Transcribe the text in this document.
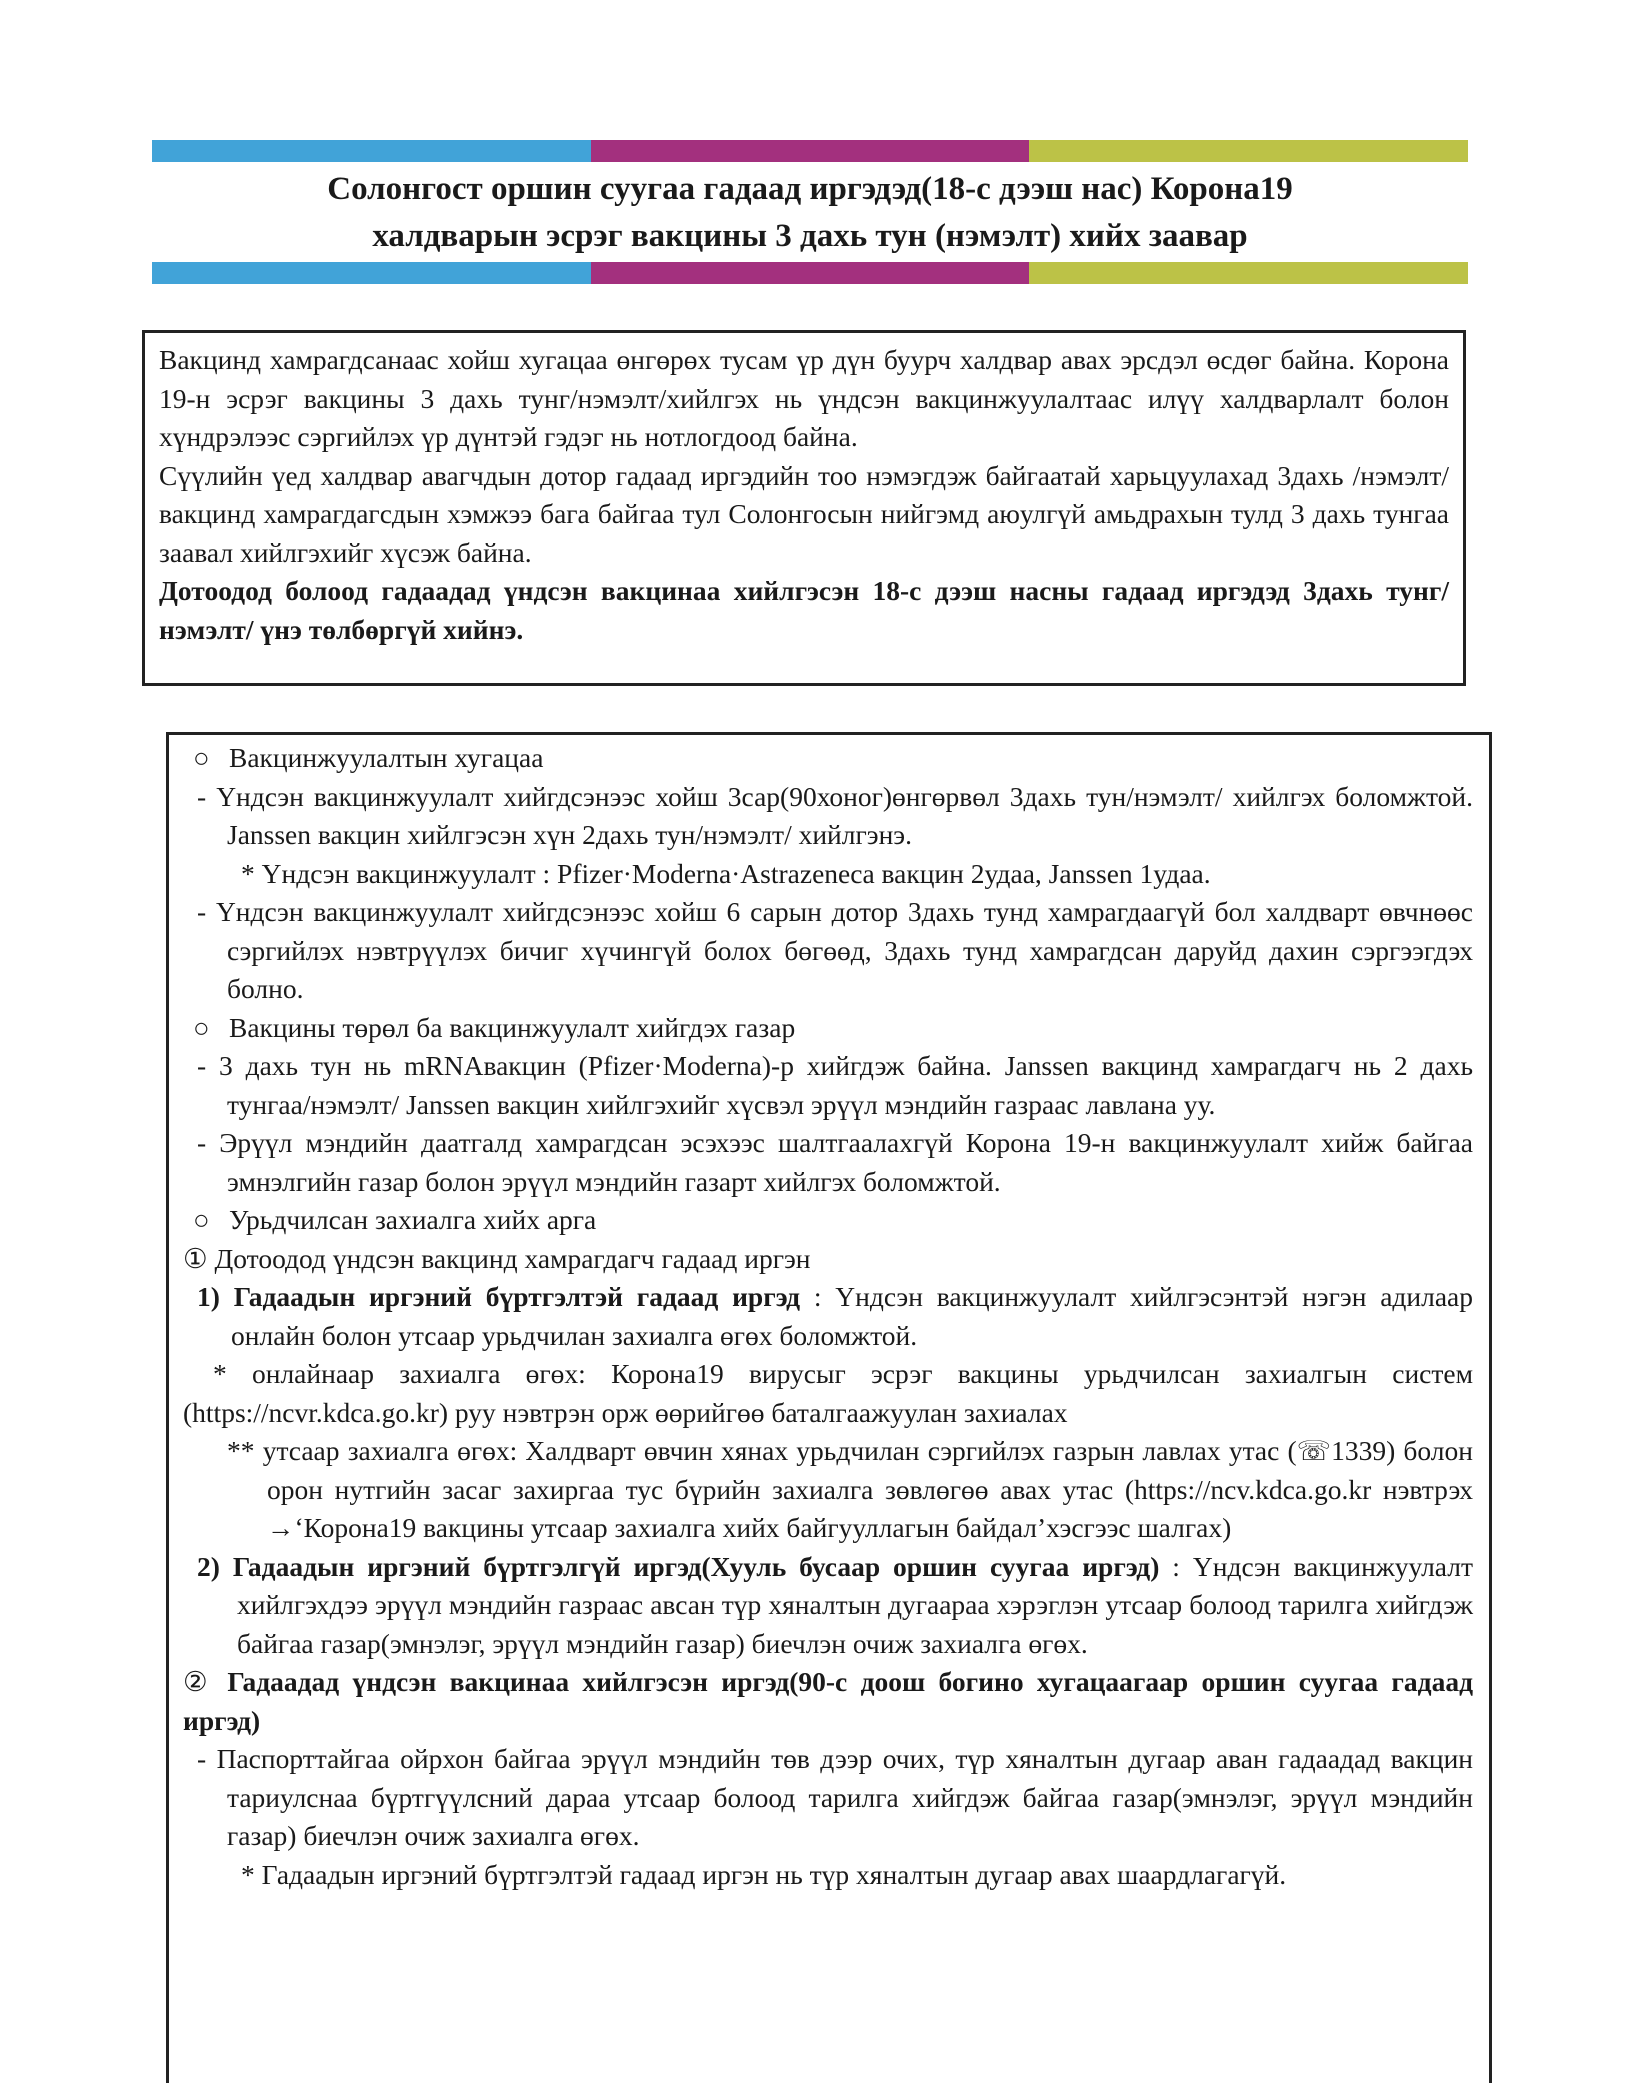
Солонгост оршин суугаа гадаад иргэдэд(18-с дээш нас) Корона19
халдварын эсрэг вакцины 3 дахь тун (нэмэлт) хийх заавар

Вакцинд хамрагдсанаас хойш хугацаа өнгөрөх тусам үр дүн буурч халдвар авах эрсдэл өсдөг байна. Корона 19-н эсрэг вакцины 3 дахь тунг/нэмэлт/хийлгэх нь үндсэн вакцинжуулалтаас илүү халдварлалт болон хүндрэлээс сэргийлэх үр дүнтэй гэдэг нь нотлогдоод байна.

Сүүлийн үед халдвар авагчдын дотор гадаад иргэдийн тоо нэмэгдэж байгаатай харьцуулахад 3дахь /нэмэлт/ вакцинд хамрагдагсдын хэмжээ бага байгаа тул Солонгосын нийгэмд аюулгүй амьдрахын тулд 3 дахь тунгаа заавал хийлгэхийг хүсэж байна.

Дотоодод болоод гадаадад үндсэн вакцинаа хийлгэсэн 18-с дээш насны гадаад иргэдэд 3дахь тунг/нэмэлт/ үнэ төлбөргүй хийнэ.

○ Вакцинжуулалтын хугацаа

- Үндсэн вакцинжуулалт хийгдсэнээс хойш 3сар(90хоног)өнгөрвөл 3дахь тун/нэмэлт/ хийлгэх боломжтой. Janssen вакцин хийлгэсэн хүн 2дахь тун/нэмэлт/ хийлгэнэ.

* Үндсэн вакцинжуулалт : Pfizer·Moderna·Astrazeneca вакцин 2удаа, Janssen 1удаа.

- Үндсэн вакцинжуулалт хийгдсэнээс хойш 6 сарын дотор 3дахь тунд хамрагдаагүй бол халдварт өвчнөөс сэргийлэх нэвтрүүлэх бичиг хүчингүй болох бөгөөд, 3дахь тунд хамрагдсан даруйд дахин сэргээгдэх болно.

○ Вакцины төрөл ба вакцинжуулалт хийгдэх газар

- 3 дахь тун нь mRNAвакцин (Pfizer·Moderna)-р хийгдэж байна. Janssen вакцинд хамрагдагч нь 2 дахь тунгаа/нэмэлт/ Janssen вакцин хийлгэхийг хүсвэл эрүүл мэндийн газраас лавлана уу.

- Эрүүл мэндийн даатгалд хамрагдсан эсэхээс шалтгаалахгүй Корона 19-н вакцинжуулалт хийж байгаа эмнэлгийн газар болон эрүүл мэндийн газарт хийлгэх боломжтой.

○ Урьдчилсан захиалга хийх арга

① Дотоодод үндсэн вакцинд хамрагдагч гадаад иргэн

1) Гадаадын иргэний бүртгэлтэй гадаад иргэд : Үндсэн вакцинжуулалт хийлгэсэнтэй нэгэн адилаар онлайн болон утсаар урьдчилан захиалга өгөх боломжтой.

* онлайнаар захиалга өгөх: Корона19 вирусыг эсрэг вакцины урьдчилсан захиалгын систем (https://ncvr.kdca.go.kr) руу нэвтрэн орж өөрийгөө баталгаажуулан захиалах

** утсаар захиалга өгөх: Халдварт өвчин хянах урьдчилан сэргийлэх газрын лавлах утас (☏1339) болон орон нутгийн засаг захиргаа тус бүрийн захиалга зөвлөгөө авах утас (https://ncv.kdca.go.kr нэвтрэх →‘Корона19 вакцины утсаар захиалга хийх байгууллагын байдал’хэсгээс шалгах)

2) Гадаадын иргэний бүртгэлгүй иргэд(Хууль бусаар оршин суугаа иргэд) : Үндсэн вакцинжуулалт хийлгэхдээ эрүүл мэндийн газраас авсан түр хяналтын дугаараа хэрэглэн утсаар болоод тарилга хийгдэж байгаа газар(эмнэлэг, эрүүл мэндийн газар) биечлэн очиж захиалга өгөх.

② Гадаадад үндсэн вакцинаа хийлгэсэн иргэд(90-с доош богино хугацаагаар оршин суугаа гадаад иргэд)

- Паспорттайгаа ойрхон байгаа эрүүл мэндийн төв дээр очих, түр хяналтын дугаар аван гадаадад вакцин тариулснаа бүртгүүлсний дараа утсаар болоод тарилга хийгдэж байгаа газар(эмнэлэг, эрүүл мэндийн газар) биечлэн очиж захиалга өгөх.

* Гадаадын иргэний бүртгэлтэй гадаад иргэн нь түр хяналтын дугаар авах шаардлагагүй.
